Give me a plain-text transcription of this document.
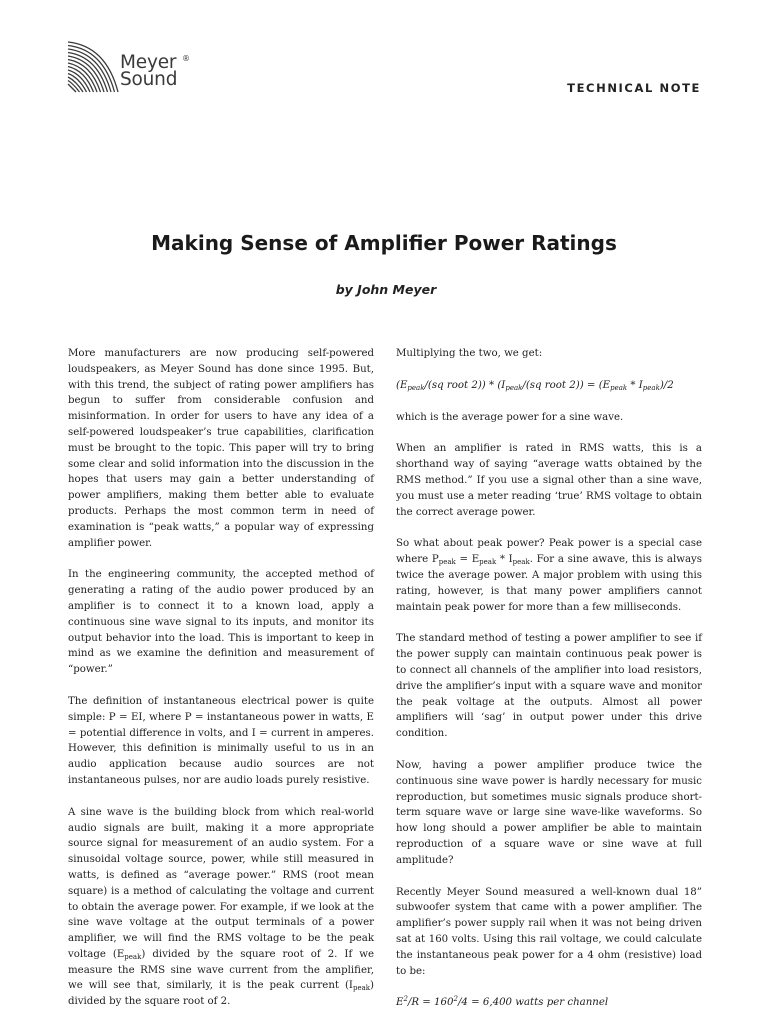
Meyer
Sound
®
TECHNICAL NOTE
Making Sense of Amplifier Power Ratings
by John Meyer

More manufacturers are now producing self-powered loudspeakers, as Meyer Sound has done since 1995. But, with this trend, the subject of rating power amplifiers has begun to suffer from considerable confusion and misinformation. In order for users to have any idea of a self-powered loudspeaker’s true capabilities, clarification must be brought to the topic. This paper will try to bring some clear and solid information into the discussion in the hopes that users may gain a better understanding of power amplifiers, making them better able to evaluate products. Perhaps the most common term in need of examination is “peak watts,” a popular way of expressing amplifier power.

In the engineering community, the accepted method of generating a rating of the audio power produced by an amplifier is to connect it to a known load, apply a continuous sine wave signal to its inputs, and monitor its output behavior into the load. This is important to keep in mind as we examine the definition and measurement of “power.”

The definition of instantaneous electrical power is quite simple: P = EI, where P = instantaneous power in watts, E = potential difference in volts, and I = current in amperes. However, this definition is minimally useful to us in an audio application because audio sources are not instantaneous pulses, nor are audio loads purely resistive.

A sine wave is the building block from which real-world audio signals are built, making it a more appropriate source signal for measurement of an audio system. For a sinusoidal voltage source, power, while still measured in watts, is defined as “average power.” RMS (root mean square) is a method of calculating the voltage and current to obtain the average power. For example, if we look at the sine wave voltage at the output terminals of a power amplifier, we will find the RMS voltage to be the peak voltage $(E_{peak})$ divided by the square root of 2. If we measure the RMS sine wave current from the amplifier, we will see that, similarly, it is the peak current $(I_{peak})$ divided by the square root of 2.

Multiplying the two, we get:

($E_{peak}/(sq$ root $2)) * (I_{peak}/(sq$ root $2)) = (E_{peak} * I_{peak})/2$

which is the average power for a sine wave.

When an amplifier is rated in RMS watts, this is a shorthand way of saying “average watts obtained by the RMS method.” If you use a signal other than a sine wave, you must use a meter reading ‘true’ RMS voltage to obtain the correct average power.

So what about peak power? Peak power is a special case where $P_{peak} = E_{peak} * I_{peak}$. For a sine awave, this is always twice the average power. A major problem with using this rating, however, is that many power amplifiers cannot maintain peak power for more than a few milliseconds.

The standard method of testing a power amplifier to see if the power supply can maintain continuous peak power is to connect all channels of the amplifier into load resistors, drive the amplifier’s input with a square wave and monitor the peak voltage at the outputs. Almost all power amplifiers will ‘sag’ in output power under this drive condition.

Now, having a power amplifier produce twice the continuous sine wave power is hardly necessary for music reproduction, but sometimes music signals produce short-term square wave or large sine wave-like waveforms. So how long should a power amplifier be able to maintain reproduction of a square wave or sine wave at full amplitude?

Recently Meyer Sound measured a well-known dual 18” subwoofer system that came with a power amplifier. The amplifier’s power supply rail when it was not being driven sat at 160 volts. Using this rail voltage, we could calculate the instantaneous peak power for a 4 ohm (resistive) load to be:

$E^2/R = 160^2/4 = 6,400$ watts per channel
